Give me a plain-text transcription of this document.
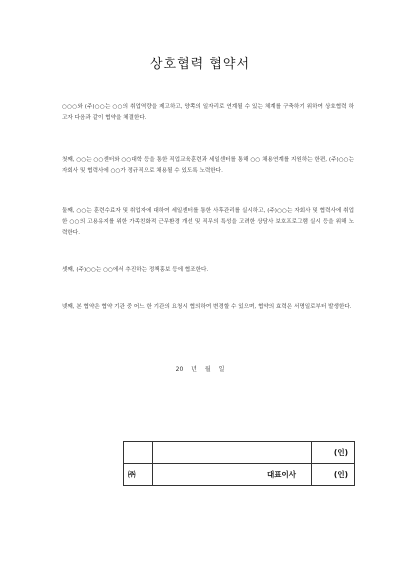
상호협력 협약서

○○○와 (주)○○는 ○○의 취업역량을 제고하고, 양쪽의 일자리로 연계될 수 있는 체계를 구축하기 위하여 상호협력 하고자 다음과 같이 협약을 체결한다.

첫째, ○○는 ○○센터와 ○○대학 등을 통한 직업교육훈련과 세일센터를 통해 ○○ 채용연계를 지원하는 한편, (주)○○는 자회사 및 협력사에 ○○가 정규직으로 채용될 수 있도록 노력한다.

둘째, ○○는 훈련수료자 및 취업자에 대하여 세일센터를 통한 사후관리를 실시하고, (주)○○는 자회사 및 협력사에 취업한 ○○의 고용유지를 위한 가족친화적 근무환경 개선 및 직무의 특성을 고려한 상담사 보호프로그램 실시 등을 위해 노력한다.

셋째, (주)○○는 ○○에서 추진하는 정책홍보 등에 협조한다.

넷째, 본 협약은 협약 기관 중 어느 한 기관의 요청시 협의하여 변경할 수 있으며, 협약의 효력은 서명일로부터 발생한다.

20 년 월 일

		(인)

㈜	대표이사	(인)
